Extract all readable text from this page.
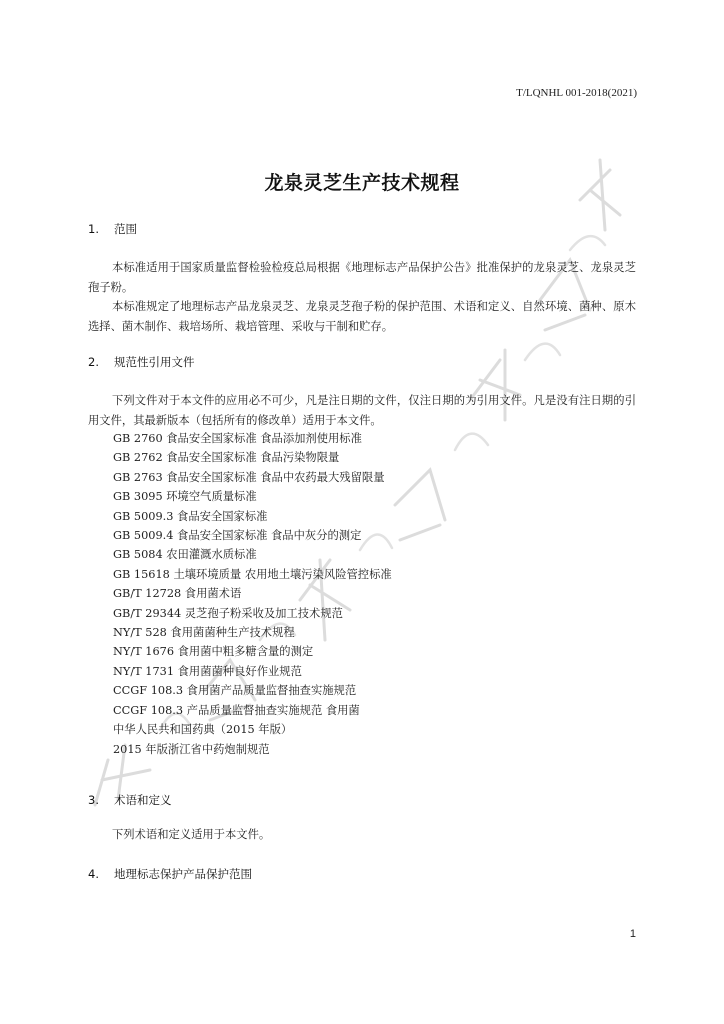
T/LQNHL 001-2018(2021)
龙泉灵芝生产技术规程
1. 范围
本标准适用于国家质量监督检验检疫总局根据《地理标志产品保护公告》批准保护的龙泉灵芝、龙泉灵芝孢子粉。
本标准规定了地理标志产品龙泉灵芝、龙泉灵芝孢子粉的保护范围、术语和定义、自然环境、菌种、原木选择、菌木制作、栽培场所、栽培管理、采收与干制和贮存。
2. 规范性引用文件
下列文件对于本文件的应用必不可少，凡是注日期的文件，仅注日期的为引用文件。凡是没有注日期的引用文件，其最新版本（包括所有的修改单）适用于本文件。
GB 2760 食品安全国家标准 食品添加剂使用标准
GB 2762 食品安全国家标准 食品污染物限量
GB 2763 食品安全国家标准 食品中农药最大残留限量
GB 3095 环境空气质量标准
GB 5009.3 食品安全国家标准
GB 5009.4 食品安全国家标准 食品中灰分的测定
GB 5084 农田灌溉水质标准
GB 15618 土壤环境质量 农用地土壤污染风险管控标准
GB/T 12728 食用菌术语
GB/T 29344 灵芝孢子粉采收及加工技术规范
NY/T 528 食用菌菌种生产技术规程
NY/T 1676 食用菌中粗多糖含量的测定
NY/T 1731 食用菌菌种良好作业规范
CCGF 108.3 食用菌产品质量监督抽查实施规范
CCGF 108.3 产品质量监督抽查实施规范 食用菌
中华人民共和国药典（2015 年版）
2015 年版浙江省中药炮制规范
3. 术语和定义
下列术语和定义适用于本文件。
4. 地理标志保护产品保护范围
1
